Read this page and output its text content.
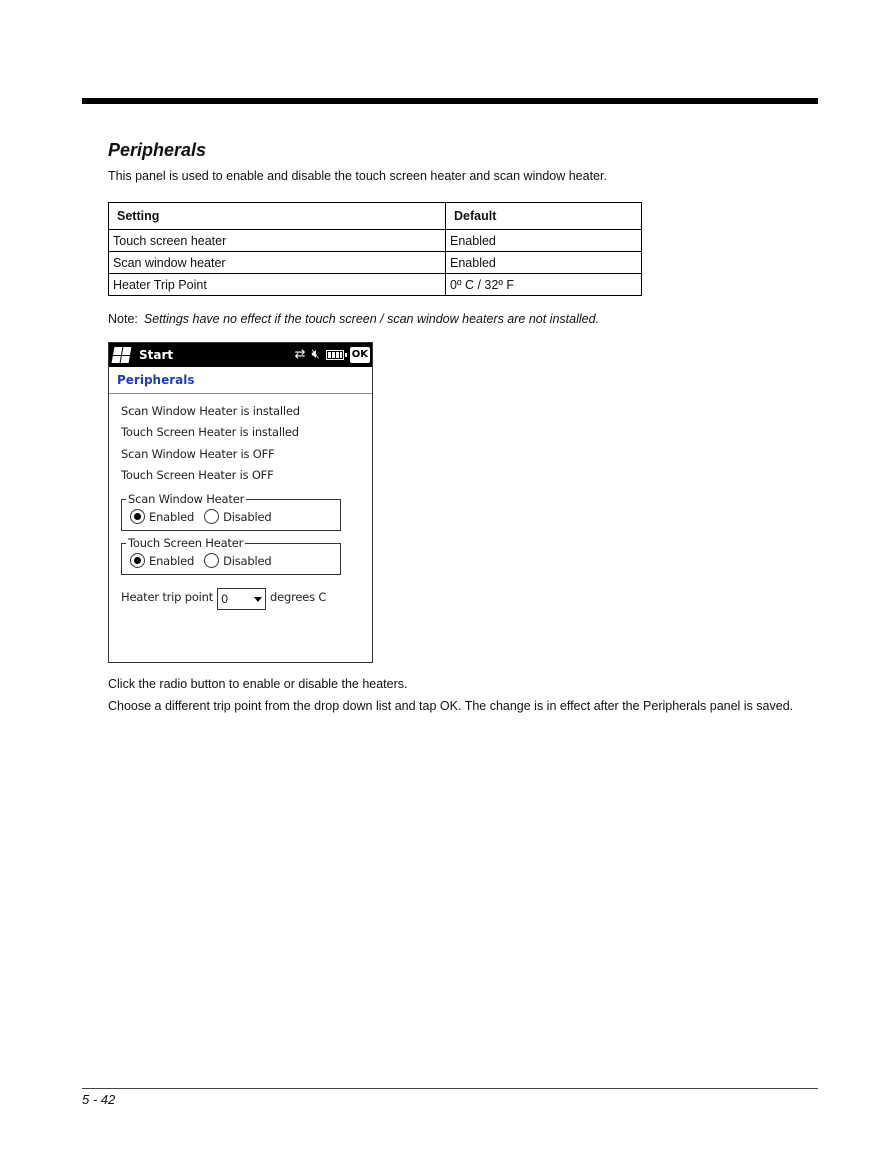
Peripherals

This panel is used to enable and disable the touch screen heater and scan window heater.

Setting	Default
Touch screen heater	Enabled
Scan window heater	Enabled
Heater Trip Point	0º C / 32º F

Note: Settings have no effect if the touch screen / scan window heaters are not installed.

Start	⇄ 🔇︎	OK
Peripherals
Scan Window Heater is installed
Touch Screen Heater is installed
Scan Window Heater is OFF
Touch Screen Heater is OFF
Scan Window Heater
Enabled	Disabled
Touch Screen Heater
Enabled	Disabled
Heater trip point 0	degrees C

Click the radio button to enable or disable the heaters.

Choose a different trip point from the drop down list and tap OK. The change is in effect after the Peripherals panel is saved.

5 - 42
